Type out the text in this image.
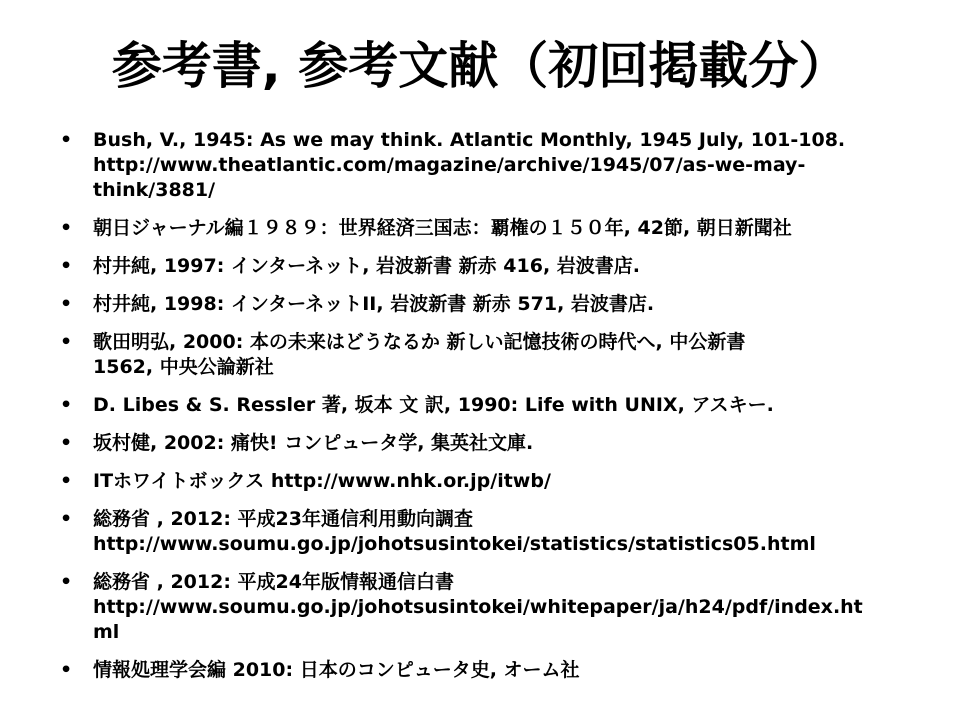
参考書, 参考文献（初回掲載分）
• Bush, V., 1945: As we may think. Atlantic Monthly, 1945 July, 101-108.
http://www.theatlantic.com/magazine/archive/1945/07/as-we-may-
think/3881/
• 朝日ジャーナル編１９８９：世界経済三国志：覇権の１５０年, 42節, 朝日新聞社
• 村井純, 1997: インターネット, 岩波新書 新赤 416, 岩波書店.
• 村井純, 1998: インターネットII, 岩波新書 新赤 571, 岩波書店.
• 歌田明弘, 2000: 本の未来はどうなるか 新しい記憶技術の時代へ, 中公新書
1562, 中央公論新社
• D. Libes & S. Ressler 著, 坂本 文 訳, 1990: Life with UNIX, アスキー.
• 坂村健, 2002: 痛快! コンピュータ学, 集英社文庫.
• ITホワイトボックス http://www.nhk.or.jp/itwb/
• 総務省 , 2012: 平成23年通信利用動向調査
http://www.soumu.go.jp/johotsusintokei/statistics/statistics05.html
• 総務省 , 2012: 平成24年版情報通信白書
http://www.soumu.go.jp/johotsusintokei/whitepaper/ja/h24/pdf/index.ht
ml
• 情報処理学会編 2010: 日本のコンピュータ史, オーム社
